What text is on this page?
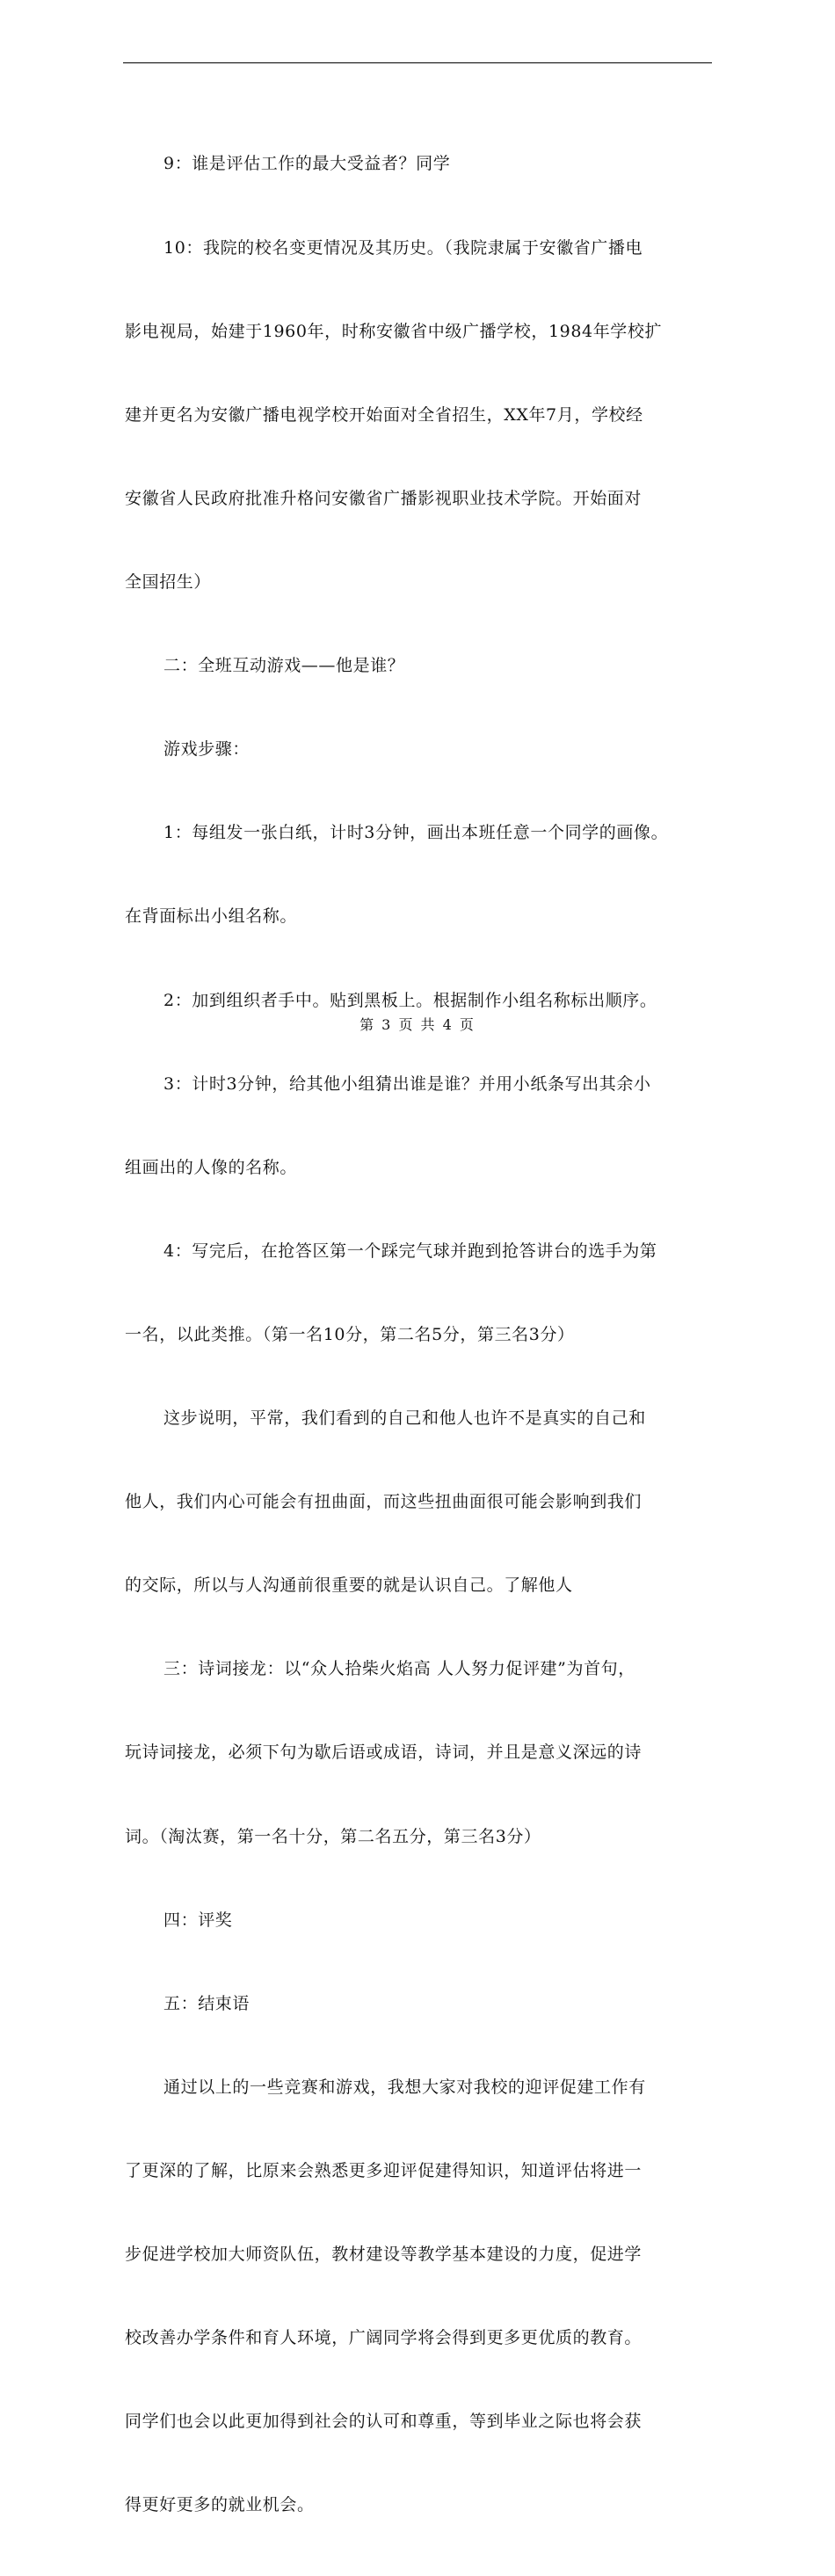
9：谁是评估工作的最大受益者？同学

10：我院的校名变更情况及其历史。（我院隶属于安徽省广播电

影电视局，始建于1960年，时称安徽省中级广播学校，1984年学校扩

建并更名为安徽广播电视学校开始面对全省招生，XX年7月，学校经

安徽省人民政府批准升格问安徽省广播影视职业技术学院。开始面对

全国招生）

二：全班互动游戏——他是谁？

游戏步骤：

1：每组发一张白纸，计时3分钟，画出本班任意一个同学的画像。

在背面标出小组名称。

2：加到组织者手中。贴到黑板上。根据制作小组名称标出顺序。

3：计时3分钟，给其他小组猜出谁是谁？并用小纸条写出其余小

组画出的人像的名称。

4：写完后，在抢答区第一个踩完气球并跑到抢答讲台的选手为第

一名，以此类推。（第一名10分，第二名5分，第三名3分）

这步说明，平常，我们看到的自己和他人也许不是真实的自己和

他人，我们内心可能会有扭曲面，而这些扭曲面很可能会影响到我们

的交际，所以与人沟通前很重要的就是认识自己。了解他人

三：诗词接龙：以“众人拾柴火焰高 人人努力促评建”为首句，

玩诗词接龙，必须下句为歇后语或成语，诗词，并且是意义深远的诗

词。（淘汰赛，第一名十分，第二名五分，第三名3分）

四：评奖

五：结束语

通过以上的一些竞赛和游戏，我想大家对我校的迎评促建工作有

了更深的了解，比原来会熟悉更多迎评促建得知识，知道评估将进一

步促进学校加大师资队伍，教材建设等教学基本建设的力度，促进学

校改善办学条件和育人环境，广阔同学将会得到更多更优质的教育。

同学们也会以此更加得到社会的认可和尊重，等到毕业之际也将会获

得更好更多的就业机会。

第 3 页 共 4 页
